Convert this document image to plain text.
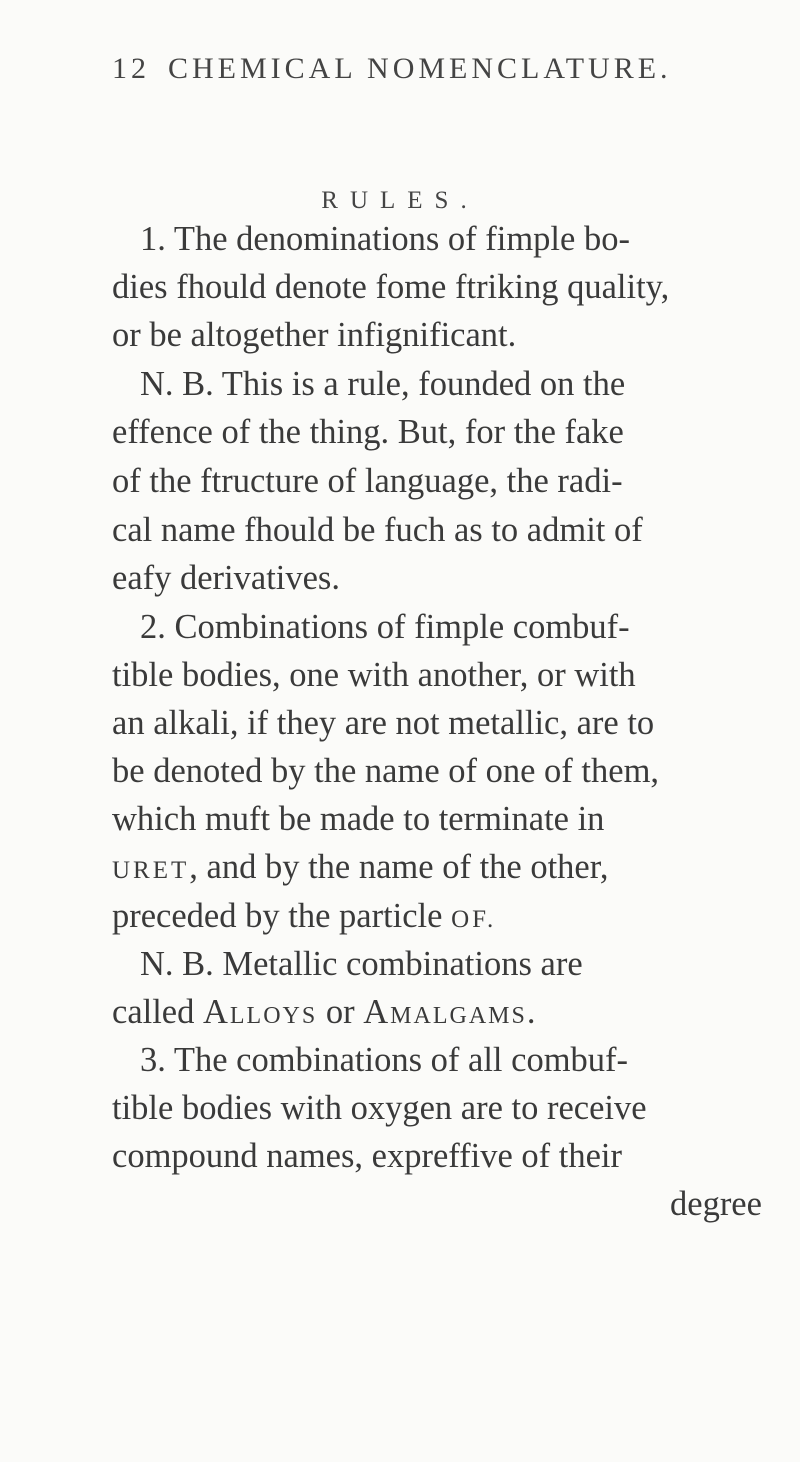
12 CHEMICAL NOMENCLATURE.
RULES.
1. The denominations of fimple bo-
dies fhould denote fome ftriking quality,
or be altogether infignificant.
N. B. This is a rule, founded on the
effence of the thing. But, for the fake
of the ftructure of language, the radi-
cal name fhould be fuch as to admit of
eafy derivatives.
2. Combinations of fimple combuf-
tible bodies, one with another, or with
an alkali, if they are not metallic, are to
be denoted by the name of one of them,
which muft be made to terminate in
URET, and by the name of the other,
preceded by the particle OF.
N. B. Metallic combinations are
called Alloys or Amalgams.
3. The combinations of all combuf-
tible bodies with oxygen are to receive
compound names, expreffive of their
degree
